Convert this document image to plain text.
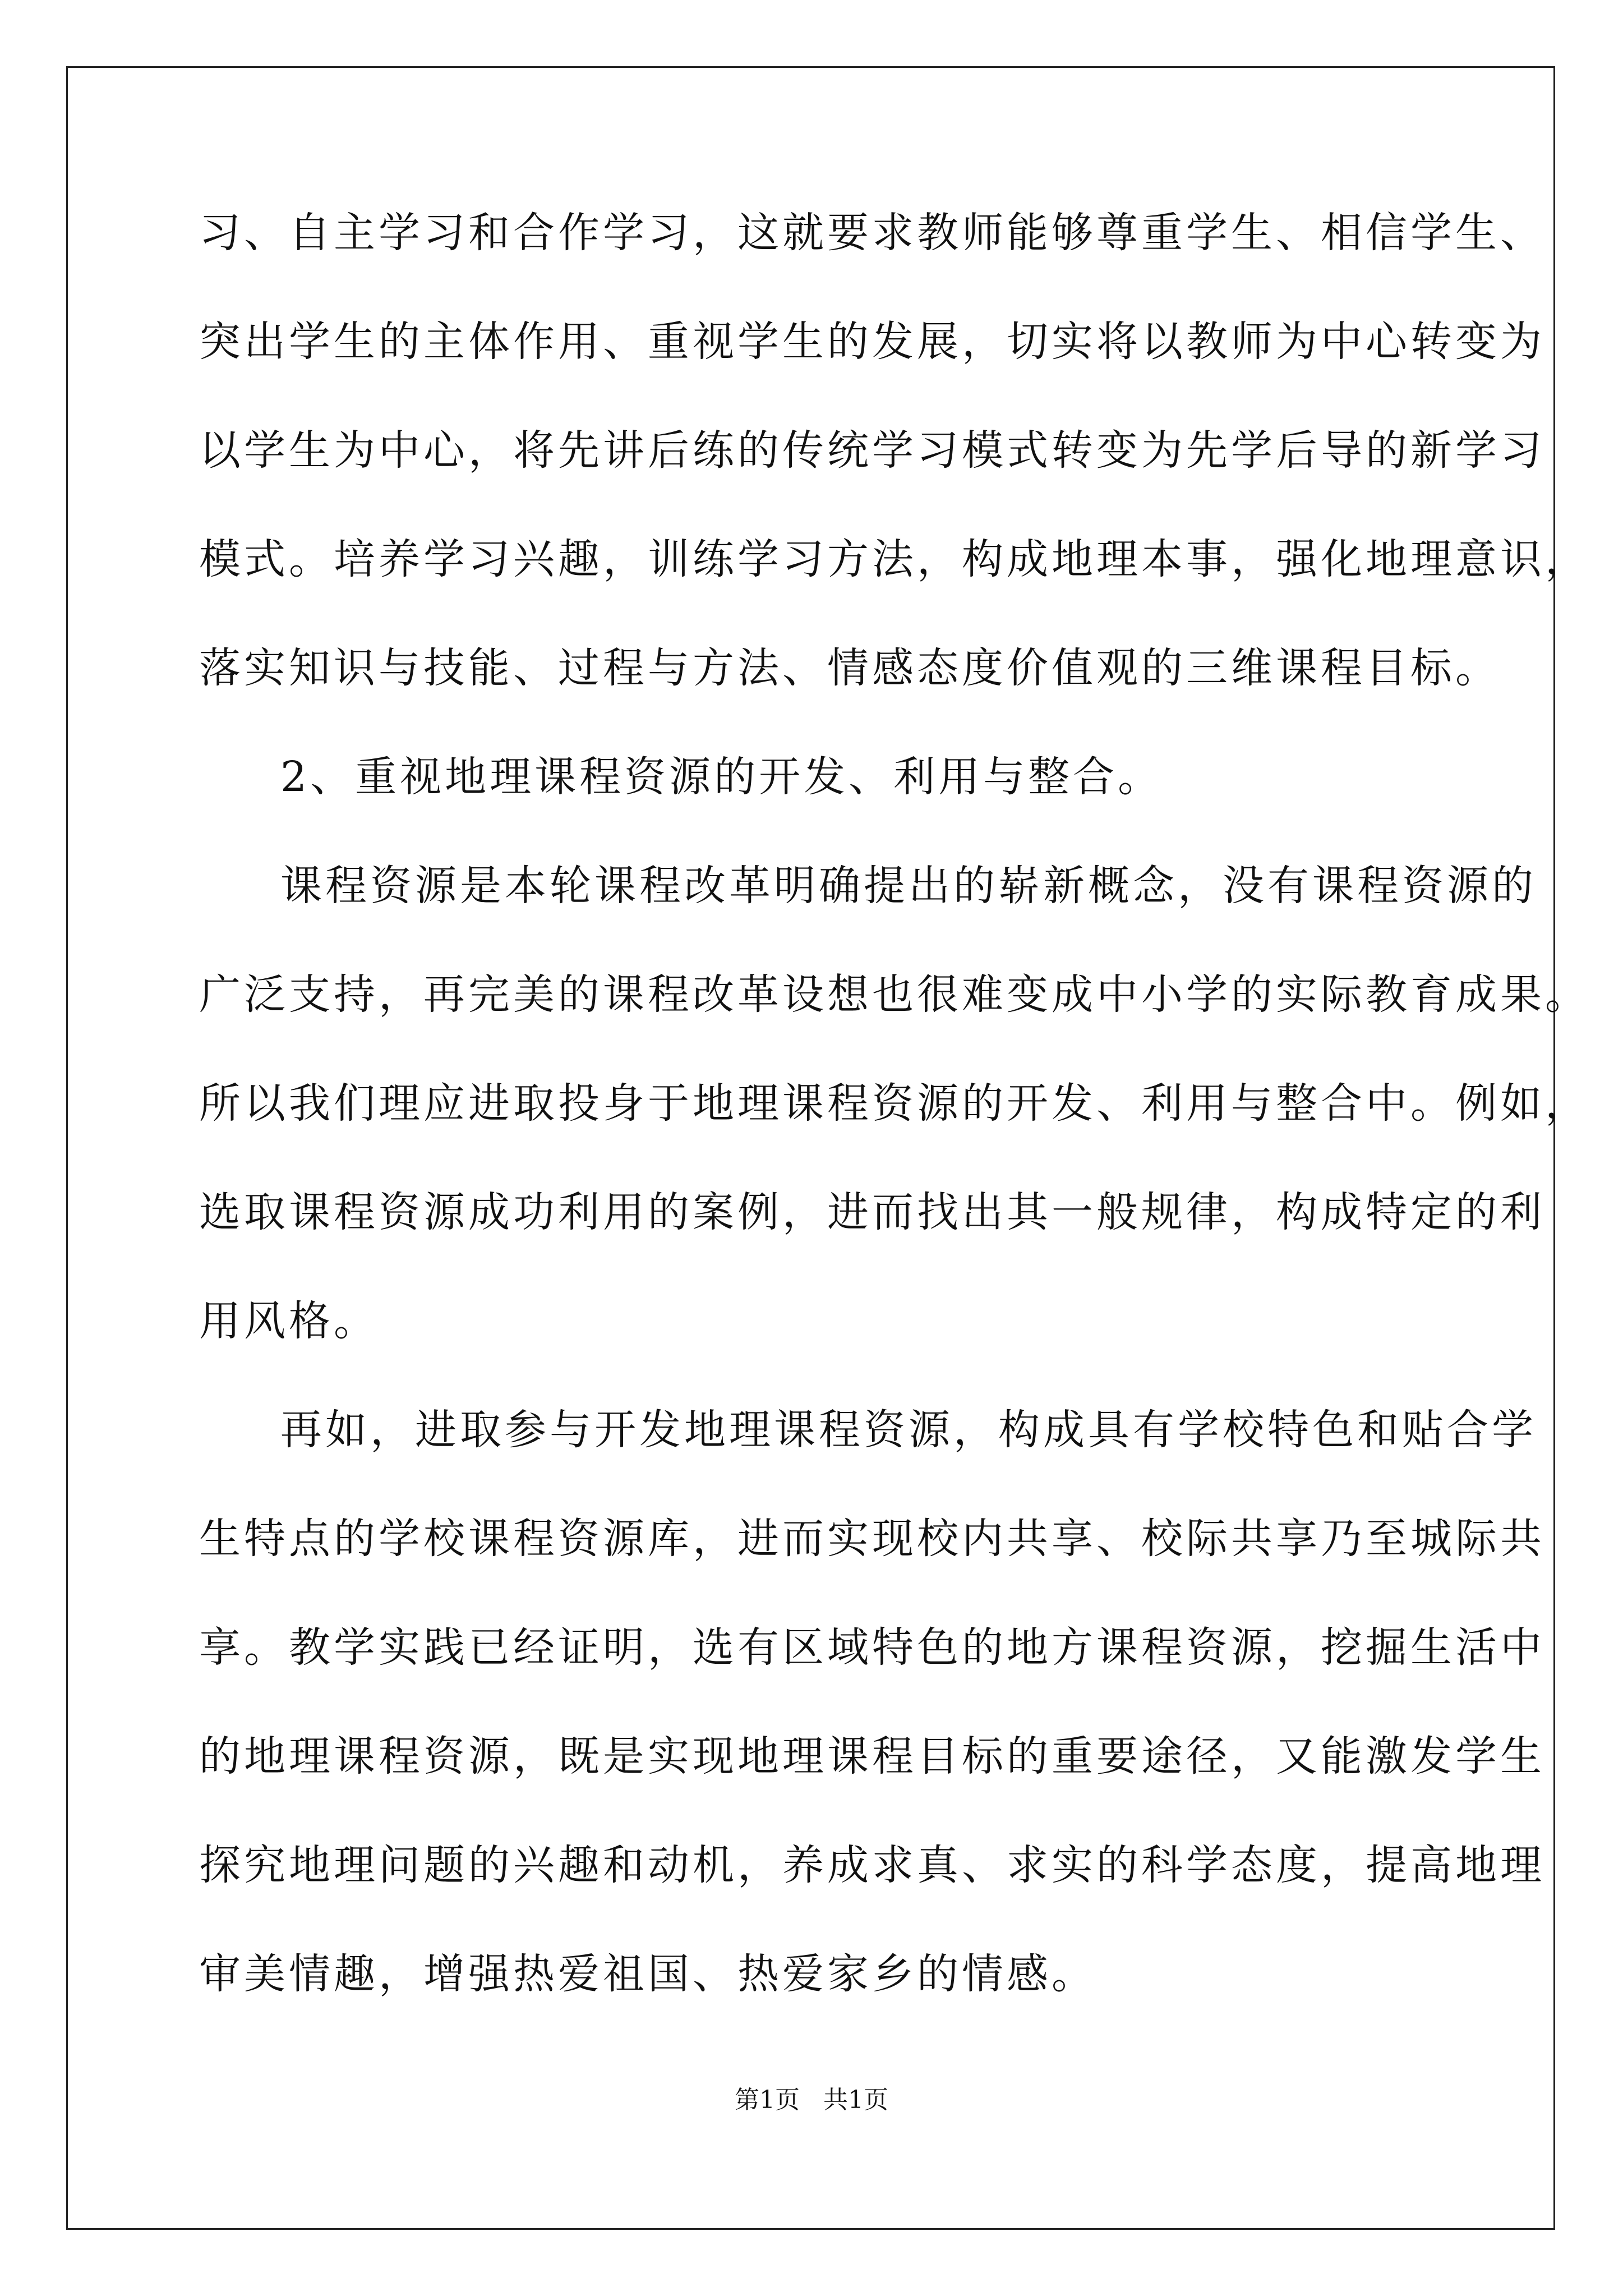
习、自主学习和合作学习，这就要求教师能够尊重学生、相信学生、
突出学生的主体作用、重视学生的发展，切实将以教师为中心转变为
以学生为中心，将先讲后练的传统学习模式转变为先学后导的新学习
模式。培养学习兴趣，训练学习方法，构成地理本事，强化地理意识，
落实知识与技能、过程与方法、情感态度价值观的三维课程目标。
2、重视地理课程资源的开发、利用与整合。
课程资源是本轮课程改革明确提出的崭新概念，没有课程资源的
广泛支持，再完美的课程改革设想也很难变成中小学的实际教育成果。
所以我们理应进取投身于地理课程资源的开发、利用与整合中。例如，
选取课程资源成功利用的案例，进而找出其一般规律，构成特定的利
用风格。
再如，进取参与开发地理课程资源，构成具有学校特色和贴合学
生特点的学校课程资源库，进而实现校内共享、校际共享乃至城际共
享。教学实践已经证明，选有区域特色的地方课程资源，挖掘生活中
的地理课程资源，既是实现地理课程目标的重要途径，又能激发学生
探究地理问题的兴趣和动机，养成求真、求实的科学态度，提高地理
审美情趣，增强热爱祖国、热爱家乡的情感。
第1页   共1页
